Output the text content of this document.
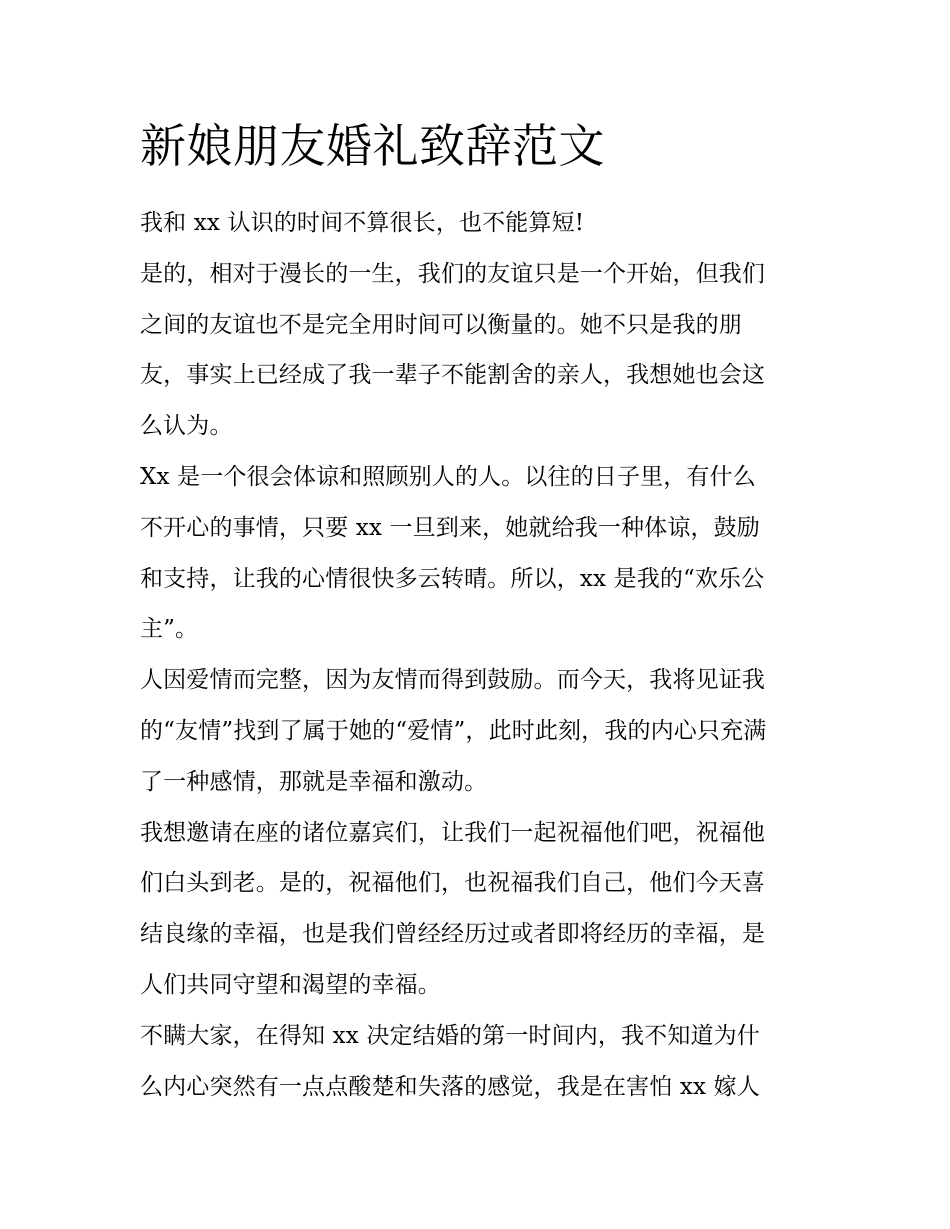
新娘朋友婚礼致辞范文
我和 xx 认识的时间不算很长，也不能算短!
是的，相对于漫长的一生，我们的友谊只是一个开始，但我们
之间的友谊也不是完全用时间可以衡量的。她不只是我的朋
友，事实上已经成了我一辈子不能割舍的亲人，我想她也会这
么认为。
Xx 是一个很会体谅和照顾别人的人。以往的日子里，有什么
不开心的事情，只要 xx 一旦到来，她就给我一种体谅，鼓励
和支持，让我的心情很快多云转晴。所以，xx 是我的“欢乐公
主”。
人因爱情而完整，因为友情而得到鼓励。而今天，我将见证我
的“友情”找到了属于她的“爱情”，此时此刻，我的内心只充满
了一种感情，那就是幸福和激动。
我想邀请在座的诸位嘉宾们，让我们一起祝福他们吧，祝福他
们白头到老。是的，祝福他们，也祝福我们自己，他们今天喜
结良缘的幸福，也是我们曾经经历过或者即将经历的幸福，是
人们共同守望和渴望的幸福。
不瞒大家，在得知 xx 决定结婚的第一时间内，我不知道为什
么内心突然有一点点酸楚和失落的感觉，我是在害怕 xx 嫁人
